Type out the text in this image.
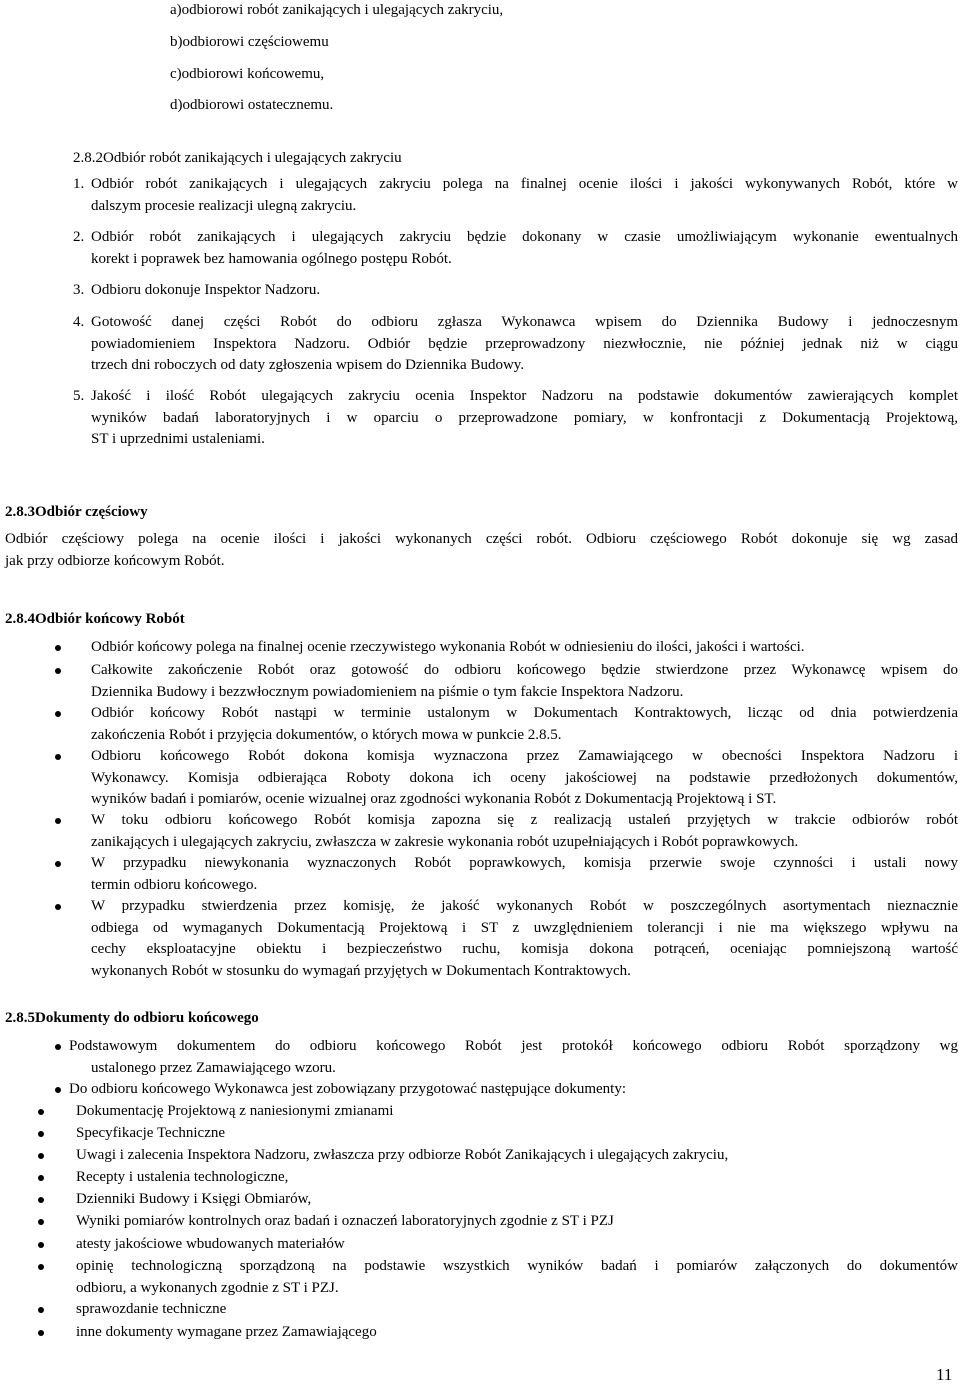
a)odbiorowi robót zanikających i ulegających zakryciu,
b)odbiorowi częściowemu
c)odbiorowi końcowemu,
d)odbiorowi ostatecznemu.
2.8.2Odbiór robót zanikających i ulegających zakryciu
1. Odbiór robót zanikających i ulegających zakryciu polega na finalnej ocenie ilości i jakości wykonywanych Robót, które w
dalszym procesie realizacji ulegną zakryciu.
2. Odbiór robót zanikających i ulegających zakryciu będzie dokonany w czasie umożliwiającym wykonanie ewentualnych
korekt i poprawek bez hamowania ogólnego postępu Robót.
3. Odbioru dokonuje Inspektor Nadzoru.
4. Gotowość danej części Robót do odbioru zgłasza Wykonawca wpisem do Dziennika Budowy i jednoczesnym
powiadomieniem Inspektora Nadzoru. Odbiór będzie przeprowadzony niezwłocznie, nie później jednak niż w ciągu
trzech dni roboczych od daty zgłoszenia wpisem do Dziennika Budowy.
5. Jakość i ilość Robót ulegających zakryciu ocenia Inspektor Nadzoru na podstawie dokumentów zawierających komplet
wyników badań laboratoryjnych i w oparciu o przeprowadzone pomiary, w konfrontacji z Dokumentacją Projektową,
ST i uprzednimi ustaleniami.
2.8.3Odbiór częściowy
Odbiór częściowy polega na ocenie ilości i jakości wykonanych części robót. Odbioru częściowego Robót dokonuje się wg zasad
jak przy odbiorze końcowym Robót.
2.8.4Odbiór końcowy Robót
Odbiór końcowy polega na finalnej ocenie rzeczywistego wykonania Robót w odniesieniu do ilości, jakości i wartości.
Całkowite zakończenie Robót oraz gotowość do odbioru końcowego będzie stwierdzone przez Wykonawcę wpisem do
Dziennika Budowy i bezzwłocznym powiadomieniem na piśmie o tym fakcie Inspektora Nadzoru.
Odbiór końcowy Robót nastąpi w terminie ustalonym w Dokumentach Kontraktowych, licząc od dnia potwierdzenia
zakończenia Robót i przyjęcia dokumentów, o których mowa w punkcie 2.8.5.
Odbioru końcowego Robót dokona komisja wyznaczona przez Zamawiającego w obecności Inspektora Nadzoru i
Wykonawcy. Komisja odbierająca Roboty dokona ich oceny jakościowej na podstawie przedłożonych dokumentów,
wyników badań i pomiarów, ocenie wizualnej oraz zgodności wykonania Robót z Dokumentacją Projektową i ST.
W toku odbioru końcowego Robót komisja zapozna się z realizacją ustaleń przyjętych w trakcie odbiorów robót
zanikających i ulegających zakryciu, zwłaszcza w zakresie wykonania robót uzupełniających i Robót poprawkowych.
W przypadku niewykonania wyznaczonych Robót poprawkowych, komisja przerwie swoje czynności i ustali nowy
termin odbioru końcowego.
W przypadku stwierdzenia przez komisję, że jakość wykonanych Robót w poszczególnych asortymentach nieznacznie
odbiega od wymaganych Dokumentacją Projektową i ST z uwzględnieniem tolerancji i nie ma większego wpływu na
cechy eksploatacyjne obiektu i bezpieczeństwo ruchu, komisja dokona potrąceń, oceniając pomniejszoną wartość
wykonanych Robót w stosunku do wymagań przyjętych w Dokumentach Kontraktowych.
2.8.5Dokumenty do odbioru końcowego
Podstawowym dokumentem do odbioru końcowego Robót jest protokół końcowego odbioru Robót sporządzony wg
ustalonego przez Zamawiającego wzoru.
Do odbioru końcowego Wykonawca jest zobowiązany przygotować następujące dokumenty:
Dokumentację Projektową z naniesionymi zmianami
Specyfikacje Techniczne
Uwagi i zalecenia Inspektora Nadzoru, zwłaszcza przy odbiorze Robót Zanikających i ulegających zakryciu,
Recepty i ustalenia technologiczne,
Dzienniki Budowy i Księgi Obmiarów,
Wyniki pomiarów kontrolnych oraz badań i oznaczeń laboratoryjnych zgodnie z ST i PZJ
atesty jakościowe wbudowanych materiałów
opinię technologiczną sporządzoną na podstawie wszystkich wyników badań i pomiarów załączonych do dokumentów
odbioru, a wykonanych zgodnie z ST i PZJ.
sprawozdanie techniczne
inne dokumenty wymagane przez Zamawiającego
11
